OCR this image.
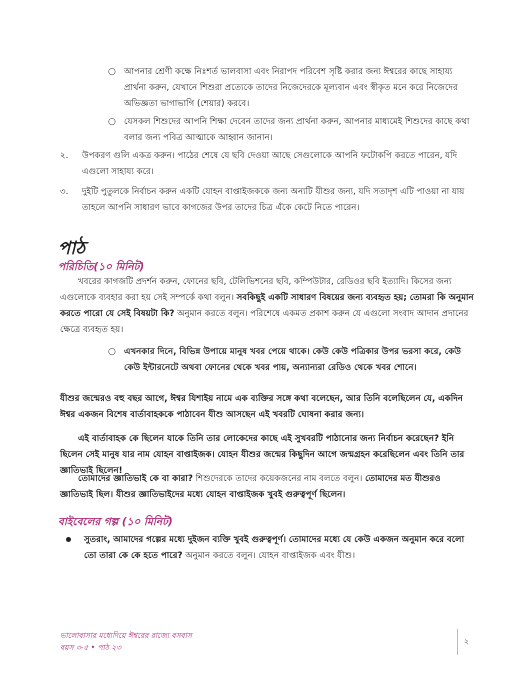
○ আপনার শ্রেণী কক্ষে নিঃশর্ত ভালবাসা এবং নিরাপদ পরিবেশ সৃষ্টি করার জন্য ঈশ্বরের কাছে সাহায্য প্রার্থনা করুন, যেখানে শিশুরা প্রত্যেকে তাদের নিজেদেরকে মূল্যবান এবং স্বীকৃত মনে করে নিজেদের অভিজ্ঞতা ভাগাভাগি (শেয়ার) করবে।
○ যেসকল শিশুদের আপনি শিক্ষা দেবেন তাদের জন্য প্রার্থনা করুন, আপনার মাধ্যমেই শিশুদের কাছে কথা বলার জন্য পবিত্র আত্মাকে আহ্বান জানান।
২. উপকরণ গুলি একত্র করুন। পাঠের শেষে যে ছবি দেওয়া আছে সেগুলোকে আপনি ফটোকপি করতে পারেন, যদি এগুলো সাহায্য করে।
৩. দুইটি পুতুলকে নির্বাচন করুন একটি যোহন বাপ্তাইজককে জন্য অন্যটি যীশুর জন্য, যদি সতাদৃশ এটি পাওয়া না যায় তাহলে আপনি সাধারণ ভাবে কাগজের উপর তাদের চিত্র এঁকে কেটে নিতে পারেন।
পাঠ
পরিচিতি(১০ মিনিট)
খবরের কাগজটি প্রদর্শন করুন, ফোনের ছবি, টেলিভিশনের ছবি, কম্পিউটার, রেডিওর ছবি ইত্যাদি। কিসের জন্য এগুলোকে ব্যবহার করা হয় সেই সম্পর্কে কথা বলুন। সবকিছুই একটি সাধারণ বিষয়ের জন্য ব্যবহৃত হয়; তোমরা কি অনুমান করতে পারো যে সেই বিষয়টা কি? অনুমান করতে বলুন। পরিশেষে একমত প্রকাশ করুন যে এগুলো সংবাদ আদান প্রদানের ক্ষেত্রে ব্যবহৃত হয়।
○ এখনকার দিনে, বিভিন্ন উপায়ে মানুষ খবর পেয়ে থাকে। কেউ কেউ পত্রিকার উপর ভরসা করে, কেউ কেউ ইন্টারনেটে অথবা ফোনের থেকে খবর পায়, অন্যান্যরা রেডিও থেকে খবর শোনে।
যীশুর জন্মেরও বহু বছর আগে, ঈশ্বর যিশাইয় নামে এক ব্যক্তির সঙ্গে কথা বলেছেন, আর তিনি বলেছিলেন যে, একদিন ঈশ্বর একজন বিশেষ বার্তাবাহককে পাঠাবেন যীশু আসছেন এই খবরটি ঘোষনা করার জন্য।
এই বার্তাবাহক কে ছিলেন যাকে তিনি তার লোকেদের কাছে এই সুখবরটি পাঠানোর জন্য নির্বাচন করেছেন? ইনি ছিলেন সেই মানুষ যার নাম যোহন বাপ্তাইজক। যোহন যীশুর জন্মের কিছুদিন আগে জন্মগ্রহন করেছিলেন এবং তিনি তার জ্ঞাতিভাই ছিলেন!
তোমাদের জ্ঞাতিভাই কে বা কারা? শিশুদেরকে তাদের কয়েকজনের নাম বলতে বলুন। তোমাদের মত যীশুরও জ্ঞাতিভাই ছিল। যীশুর জ্ঞাতিভাইদের মধ্যে যোহন বাপ্তাইজক খুবই গুরুত্বপূর্ণ ছিলেন।
বাইবেলের গল্প (১০ মিনিট)
সুতরাং, আমাদের গল্পের মধ্যে দুইজন ব্যক্তি খুবই গুরুত্বপূর্ণ। তোমাদের মধ্যে যে কেউ একজন অনুমান করে বলো তো তারা কে কে হতে পারে? অনুমান করতে বলুন। যোহন বাপ্তাইজক এবং যীশু।
ভালোবাসার মধ্যেদিয়ে ঈশ্বরের রাজ্যে বসবাস
বয়স ৩-৫ • পাঠ ২৩
২
